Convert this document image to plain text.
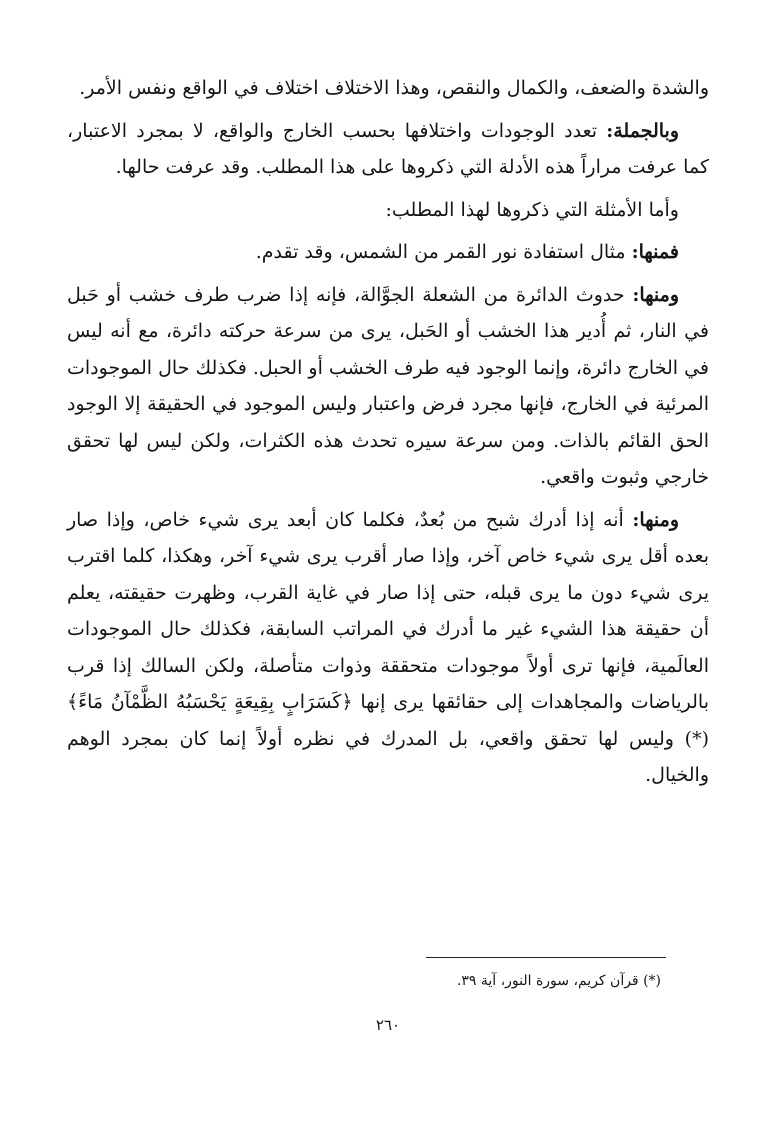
والشدة والضعف، والكمال والنقص، وهذا الاختلاف اختلاف في الواقع ونفس الأمر.

وبالجملة: تعدد الوجودات واختلافها بحسب الخارج والواقع، لا بمجرد الاعتبار، كما عرفت مراراً هذه الأدلة التي ذكروها على هذا المطلب. وقد عرفت حالها.

وأما الأمثلة التي ذكروها لهذا المطلب:

فمنها: مثال استفادة نور القمر من الشمس، وقد تقدم.

ومنها: حدوث الدائرة من الشعلة الجوَّالة، فإنه إذا ضرب طرف خشب أو حَبل في النار، ثم أُدير هذا الخشب أو الحَبل، يرى من سرعة حركته دائرة، مع أنه ليس في الخارج دائرة، وإنما الوجود فيه طرف الخشب أو الحبل. فكذلك حال الموجودات المرئية في الخارج، فإنها مجرد فرض واعتبار وليس الموجود في الحقيقة إلا الوجود الحق القائم بالذات. ومن سرعة سيره تحدث هذه الكثرات، ولكن ليس لها تحقق خارجي وثبوت واقعي.

ومنها: أنه إذا أدرك شبح من بُعدٌ، فكلما كان أبعد يرى شيء خاص، وإذا صار بعده أقل يرى شيء خاص آخر، وإذا صار أقرب يرى شيء آخر، وهكذا، كلما اقترب يرى شيء دون ما يرى قبله، حتى إذا صار في غاية القرب، وظهرت حقيقته، يعلم أن حقيقة هذا الشيء غير ما أدرك في المراتب السابقة، فكذلك حال الموجودات العالَمية، فإنها ترى أولاً موجودات متحققة وذوات متأصلة، ولكن السالك إذا قرب بالرياضات والمجاهدات إلى حقائقها يرى إنها ﴿كَسَرَابٍ بِقِيعَةٍ يَحْسَبُهُ الظَّمْآنُ مَاءً﴾(*) وليس لها تحقق واقعي، بل المدرك في نظره أولاً إنما كان بمجرد الوهم والخيال.

(*) قرآن كريم، سورة النور، آية ٣٩.
٢٦٠
